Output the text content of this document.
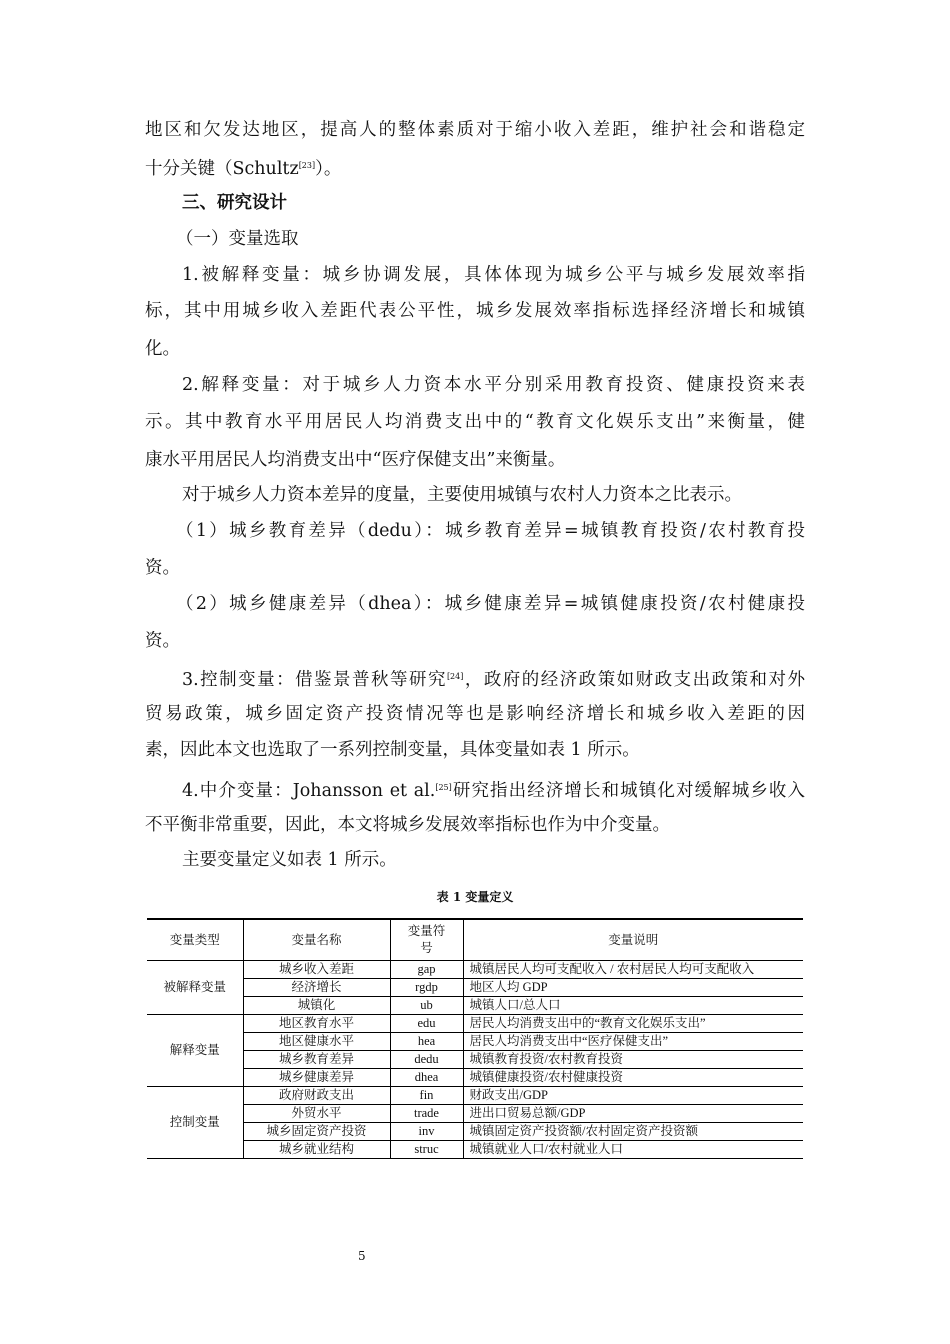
地区和欠发达地区，提高人的整体素质对于缩小收入差距，维护社会和谐稳定
十分关键（Schultz[23]）。
三、研究设计
（一）变量选取
1.被解释变量：城乡协调发展，具体体现为城乡公平与城乡发展效率指
标，其中用城乡收入差距代表公平性，城乡发展效率指标选择经济增长和城镇
化。
2.解释变量：对于城乡人力资本水平分别采用教育投资、健康投资来表
示。其中教育水平用居民人均消费支出中的“教育文化娱乐支出”来衡量，健
康水平用居民人均消费支出中“医疗保健支出”来衡量。
对于城乡人力资本差异的度量，主要使用城镇与农村人力资本之比表示。
（1）城乡教育差异（dedu）：城乡教育差异=城镇教育投资/农村教育投
资。
（2）城乡健康差异（dhea）：城乡健康差异=城镇健康投资/农村健康投
资。
3.控制变量：借鉴景普秋等研究[24]，政府的经济政策如财政支出政策和对外
贸易政策，城乡固定资产投资情况等也是影响经济增长和城乡收入差距的因
素，因此本文也选取了一系列控制变量，具体变量如表 1 所示。
4.中介变量：Johansson et al.[25]研究指出经济增长和城镇化对缓解城乡收入
不平衡非常重要，因此，本文将城乡发展效率指标也作为中介变量。
主要变量定义如表 1 所示。
表 1 变量定义
变量类型	变量名称	变量符号	变量说明
被解释变量	城乡收入差距	gap	城镇居民人均可支配收入 / 农村居民人均可支配收入
	经济增长	rgdp	地区人均 GDP
	城镇化	ub	城镇人口/总人口
解释变量	地区教育水平	edu	居民人均消费支出中的“教育文化娱乐支出”
	地区健康水平	hea	居民人均消费支出中“医疗保健支出”
	城乡教育差异	dedu	城镇教育投资/农村教育投资
	城乡健康差异	dhea	城镇健康投资/农村健康投资
控制变量	政府财政支出	fin	财政支出/GDP
	外贸水平	trade	进出口贸易总额/GDP
	城乡固定资产投资	inv	城镇固定资产投资额/农村固定资产投资额
	城乡就业结构	struc	城镇就业人口/农村就业人口
5
